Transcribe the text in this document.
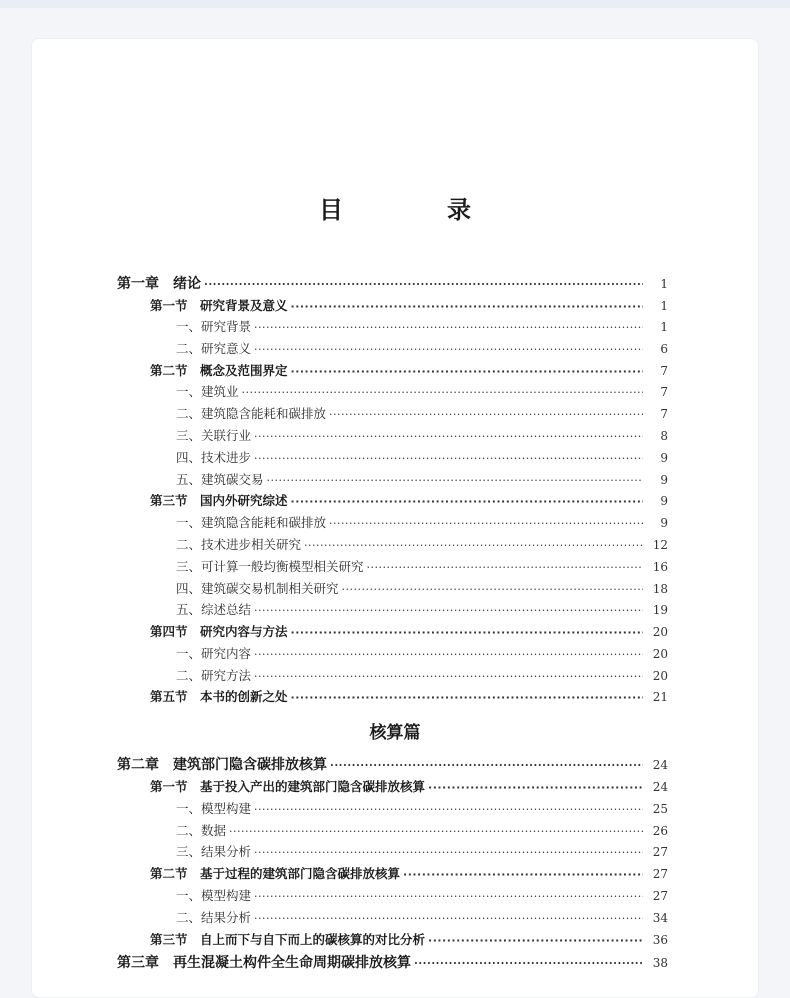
目　录
第一章　绪论 ·····	1
第一节　研究背景及意义 ·····	1
一、研究背景 ·····	1
二、研究意义 ·····	6
第二节　概念及范围界定 ·····	7
一、建筑业 ·····	7
二、建筑隐含能耗和碳排放 ·····	7
三、关联行业 ·····	8
四、技术进步 ·····	9
五、建筑碳交易 ·····	9
第三节　国内外研究综述 ·····	9
一、建筑隐含能耗和碳排放 ·····	9
二、技术进步相关研究 ·····	12
三、可计算一般均衡模型相关研究 ·····	16
四、建筑碳交易机制相关研究 ·····	18
五、综述总结 ·····	19
第四节　研究内容与方法 ·····	20
一、研究内容 ·····	20
二、研究方法 ·····	20
第五节　本书的创新之处 ·····	21
第二章　建筑部门隐含碳排放核算 ·····	24
第一节　基于投入产出的建筑部门隐含碳排放核算 ·····	24
一、模型构建 ·····	25
二、数据 ·····	26
三、结果分析 ·····	27
第二节　基于过程的建筑部门隐含碳排放核算 ·····	27
一、模型构建 ·····	27
二、结果分析 ·····	34
第三节　自上而下与自下而上的碳核算的对比分析 ·····	36
第三章　再生混凝土构件全生命周期碳排放核算 ·····	38
核算篇
